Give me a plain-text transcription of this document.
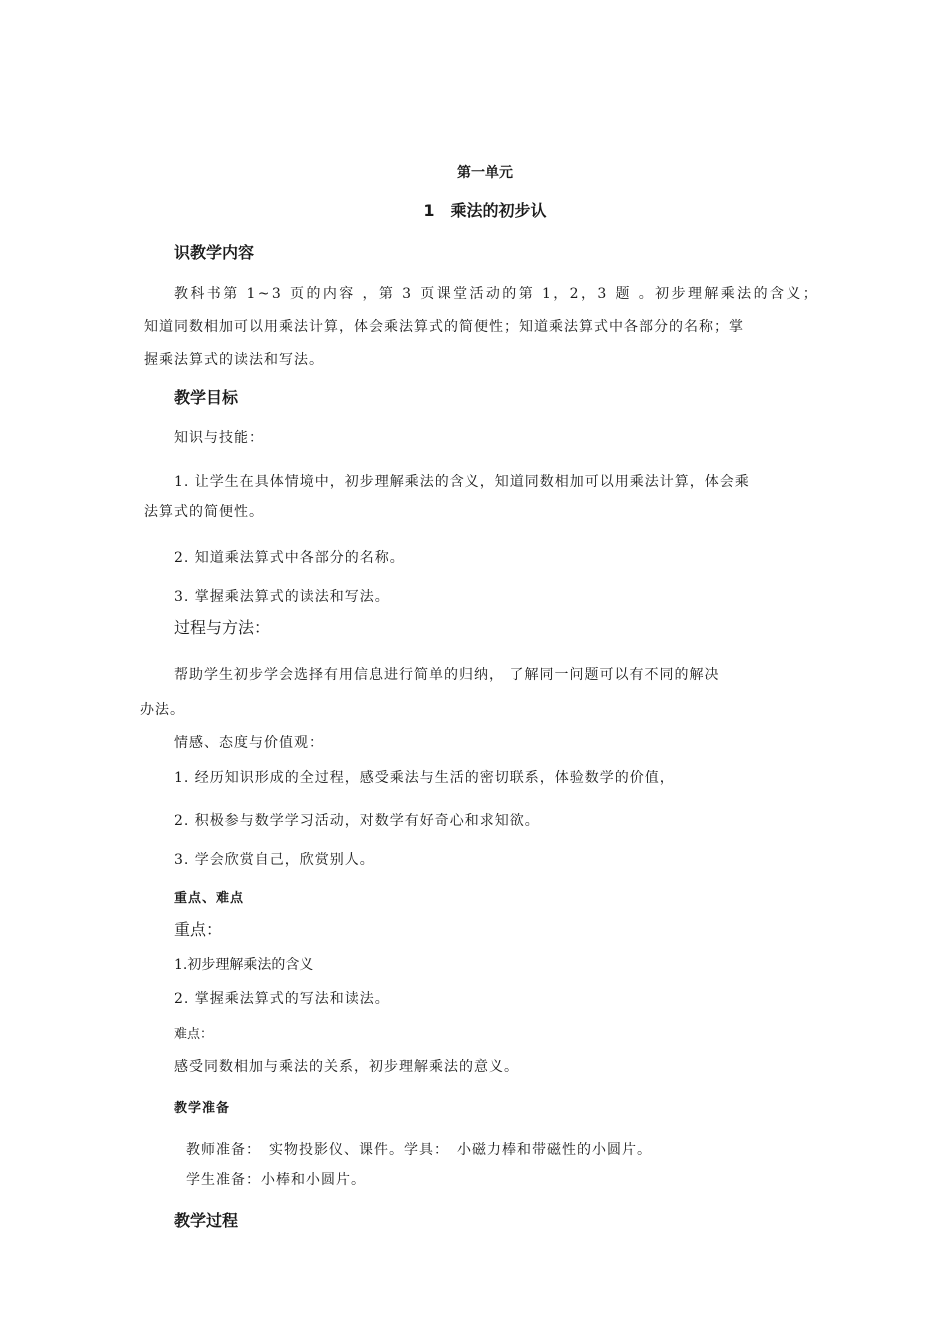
第一单元
1　乘法的初步认
识教学内容
教科书第 1~3 页的内容 ，第 3 页课堂活动的第 1，2，3 题 。初步理解乘法的含义；
知道同数相加可以用乘法计算，体会乘法算式的简便性；知道乘法算式中各部分的名称；掌
握乘法算式的读法和写法。
教学目标
知识与技能：
1. 让学生在具体情境中，初步理解乘法的含义，知道同数相加可以用乘法计算，体会乘
法算式的简便性。
2. 知道乘法算式中各部分的名称。
3. 掌握乘法算式的读法和写法。
过程与方法：
帮助学生初步学会选择有用信息进行简单的归纳， 了解同一问题可以有不同的解决
办法。
情感、态度与价值观：
1. 经历知识形成的全过程，感受乘法与生活的密切联系，体验数学的价值，
2. 积极参与数学学习活动，对数学有好奇心和求知欲。
3. 学会欣赏自己，欣赏别人。
重点、难点
重点：
1.初步理解乘法的含义
2. 掌握乘法算式的写法和读法。
难点：
感受同数相加与乘法的关系，初步理解乘法的意义。
教学准备
教师准备：　实物投影仪、课件。学具：　小磁力棒和带磁性的小圆片。
学生准备：小棒和小圆片。
教学过程
